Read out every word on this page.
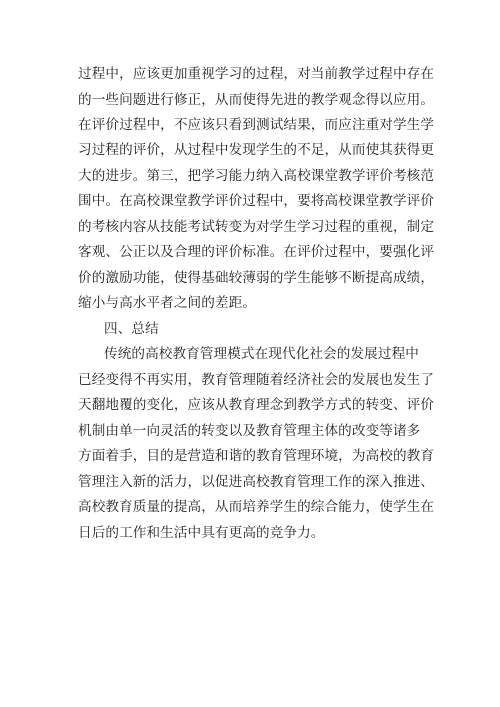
过程中，应该更加重视学习的过程，对当前教学过程中存在
的一些问题进行修正，从而使得先进的教学观念得以应用。
在评价过程中，不应该只看到测试结果，而应注重对学生学
习过程的评价，从过程中发现学生的不足，从而使其获得更
大的进步。第三，把学习能力纳入高校课堂教学评价考核范
围中。在高校课堂教学评价过程中，要将高校课堂教学评价
的考核内容从技能考试转变为对学生学习过程的重视，制定
客观、公正以及合理的评价标准。在评价过程中，要强化评
价的激励功能，使得基础较薄弱的学生能够不断提高成绩，
缩小与高水平者之间的差距。
四、总结
传统的高校教育管理模式在现代化社会的发展过程中
已经变得不再实用，教育管理随着经济社会的发展也发生了
天翻地覆的变化，应该从教育理念到教学方式的转变、评价
机制由单一向灵活的转变以及教育管理主体的改变等诸多
方面着手，目的是营造和谐的教育管理环境，为高校的教育
管理注入新的活力，以促进高校教育管理工作的深入推进、
高校教育质量的提高，从而培养学生的综合能力，使学生在
日后的工作和生活中具有更高的竞争力。
